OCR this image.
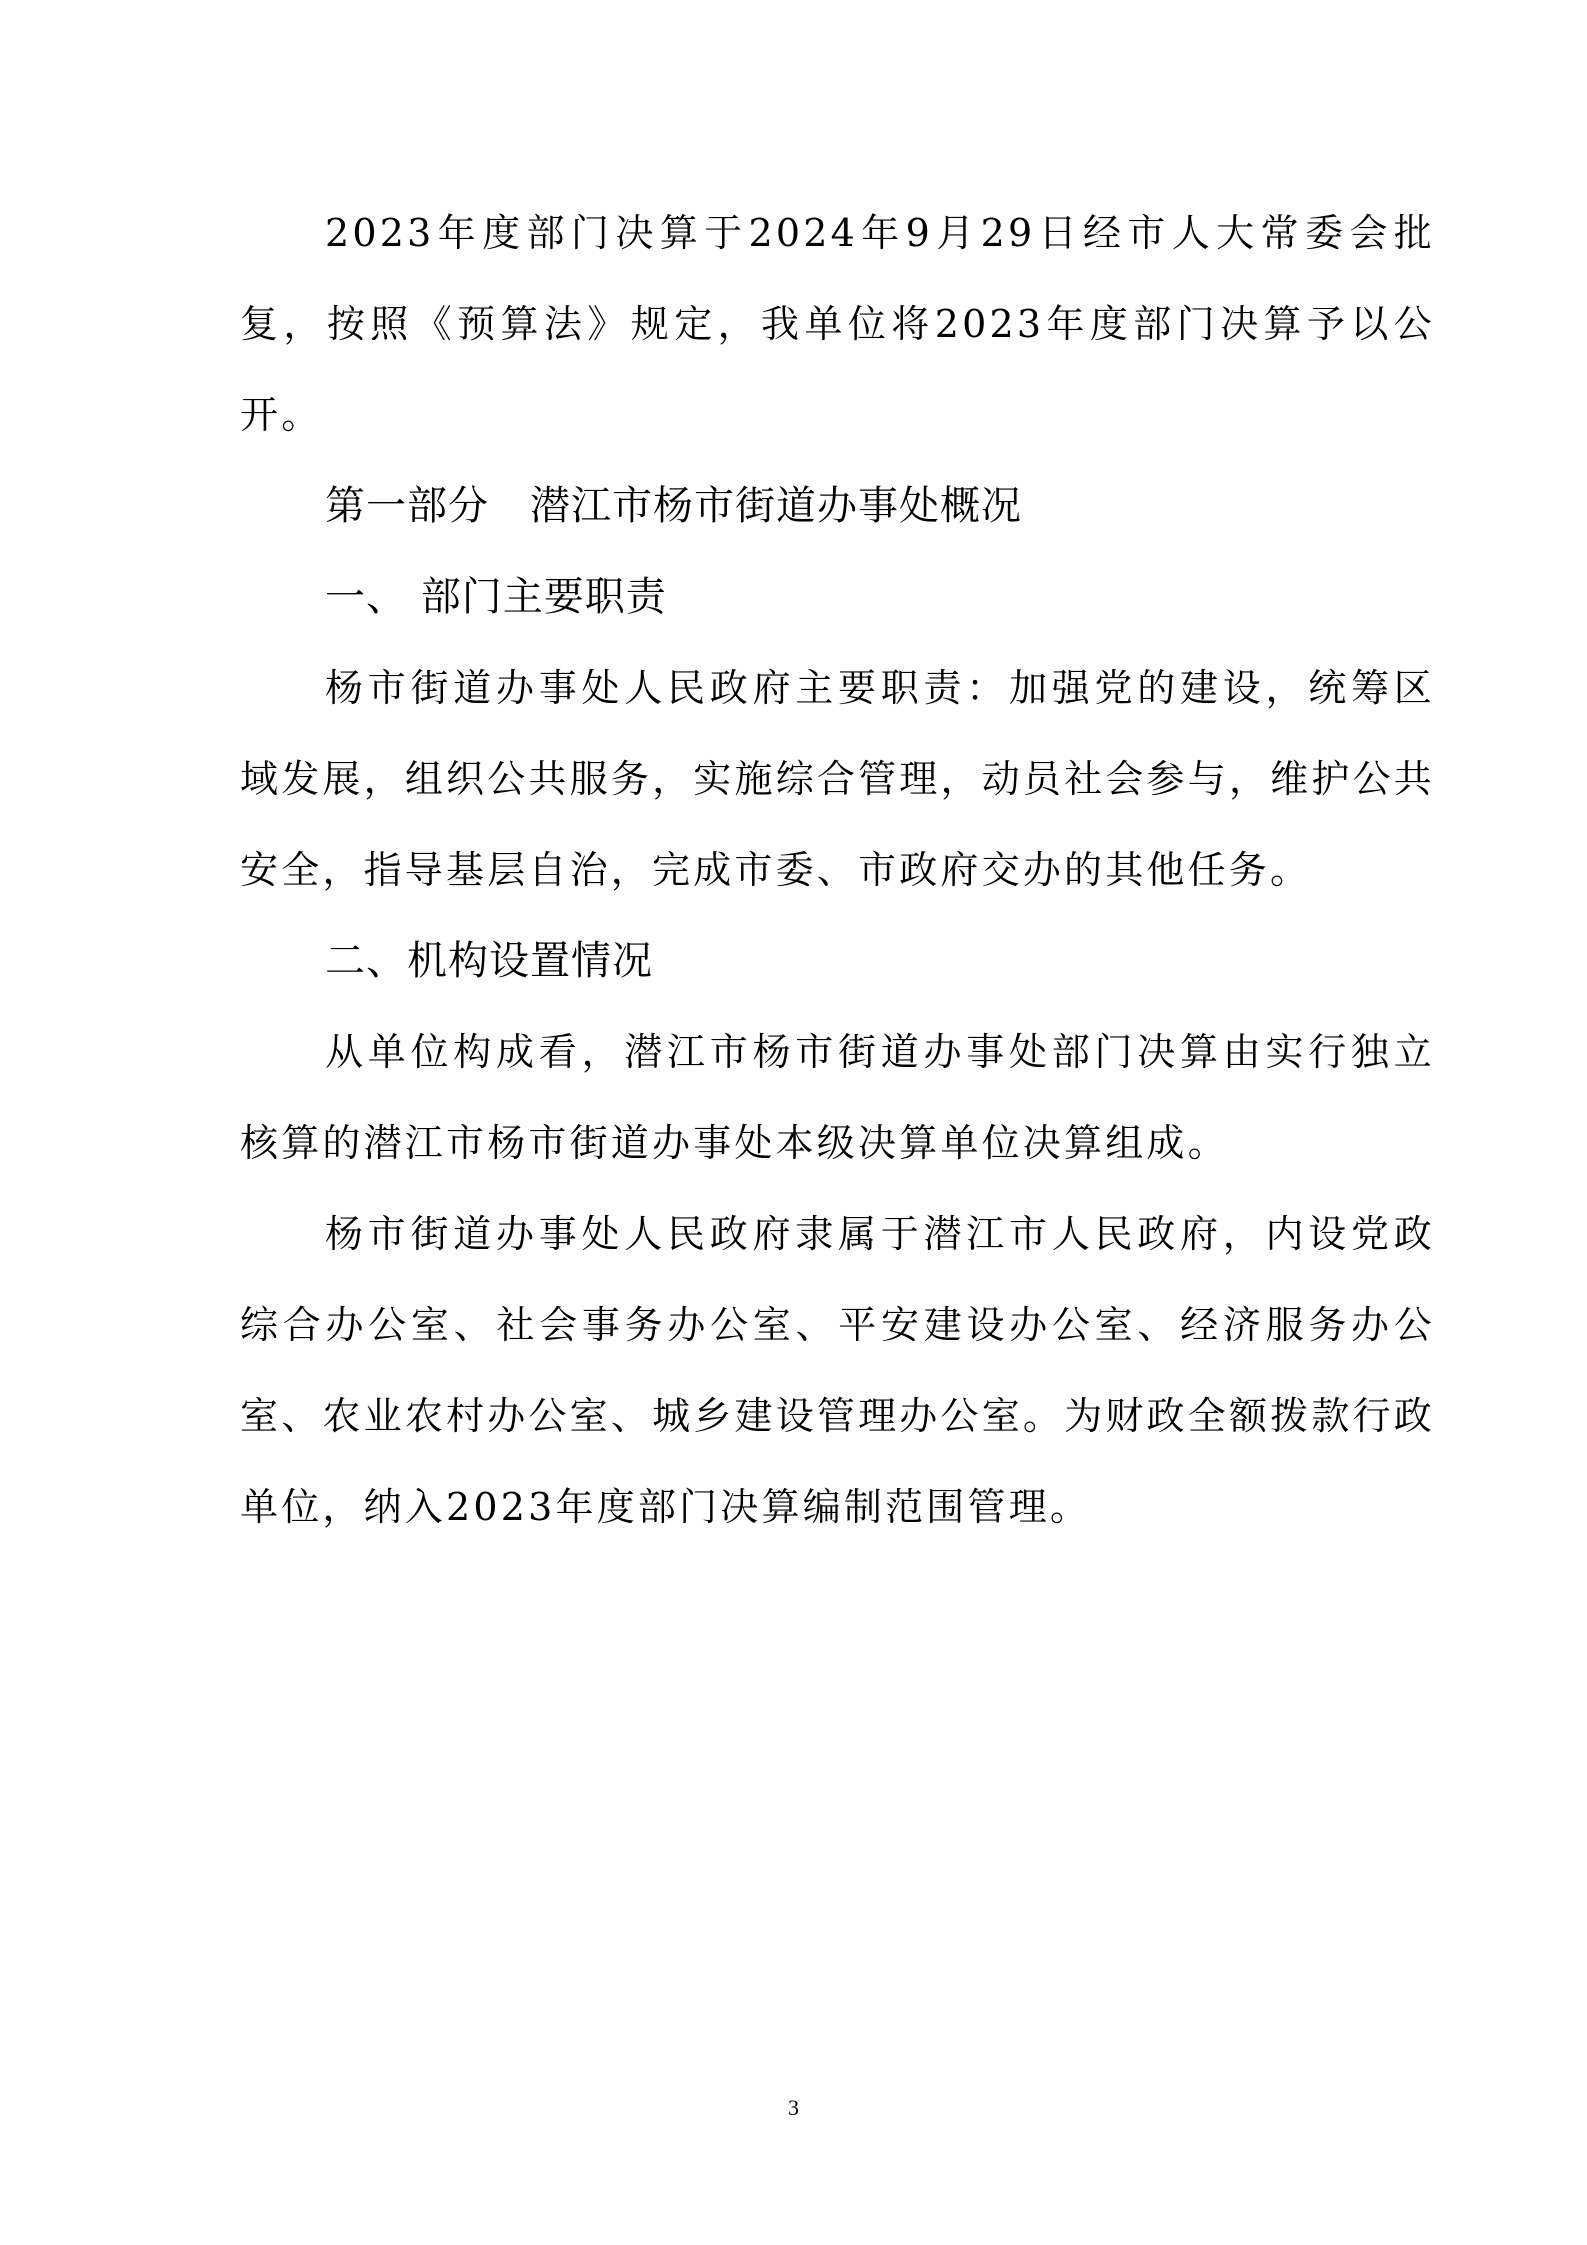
2023年度部门决算于2024年9月29日经市人大常委会批复，按照《预算法》规定，我单位将2023年度部门决算予以公开。

第一部分　潜江市杨市街道办事处概况

一、 部门主要职责

杨市街道办事处人民政府主要职责：加强党的建设，统筹区域发展，组织公共服务，实施综合管理，动员社会参与，维护公共安全，指导基层自治，完成市委、市政府交办的其他任务。

二、机构设置情况

从单位构成看，潜江市杨市街道办事处部门决算由实行独立核算的潜江市杨市街道办事处本级决算单位决算组成。

杨市街道办事处人民政府隶属于潜江市人民政府，内设党政综合办公室、社会事务办公室、平安建设办公室、经济服务办公室、农业农村办公室、城乡建设管理办公室。为财政全额拨款行政单位，纳入2023年度部门决算编制范围管理。

3
